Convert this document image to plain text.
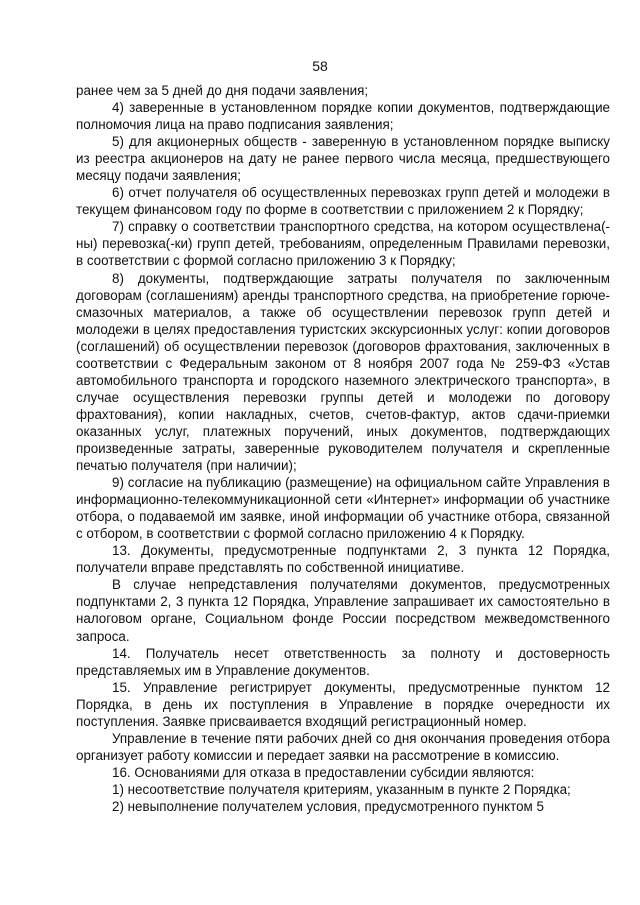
58

ранее чем за 5 дней до дня подачи заявления;

4) заверенные в установленном порядке копии документов, подтверждающие полномочия лица на право подписания заявления;

5) для акционерных обществ - заверенную в установленном порядке выписку из реестра акционеров на дату не ранее первого числа месяца, предшествующего месяцу подачи заявления;

6) отчет получателя об осуществленных перевозках групп детей и молодежи в текущем финансовом году по форме в соответствии с приложением 2 к Порядку;

7) справку о соответствии транспортного средства, на котором осуществлена(-ны) перевозка(-ки) групп детей, требованиям, определенным Правилами перевозки, в соответствии с формой согласно приложению 3 к Порядку;

8) документы, подтверждающие затраты получателя по заключенным договорам (соглашениям) аренды транспортного средства, на приобретение горюче-смазочных материалов, а также об осуществлении перевозок групп детей и молодежи в целях предоставления туристских экскурсионных услуг: копии договоров (соглашений) об осуществлении перевозок (договоров фрахтования, заключенных в соответствии с Федеральным законом от 8 ноября 2007 года № 259-ФЗ «Устав автомобильного транспорта и городского наземного электрического транспорта», в случае осуществления перевозки группы детей и молодежи по договору фрахтования), копии накладных, счетов, счетов-фактур, актов сдачи-приемки оказанных услуг, платежных поручений, иных документов, подтверждающих произведенные затраты, заверенные руководителем получателя и скрепленные печатью получателя (при наличии);

9) согласие на публикацию (размещение) на официальном сайте Управления в информационно-телекоммуникационной сети «Интернет» информации об участнике отбора, о подаваемой им заявке, иной информации об участнике отбора, связанной с отбором, в соответствии с формой согласно приложению 4 к Порядку.

13. Документы, предусмотренные подпунктами 2, 3 пункта 12 Порядка, получатели вправе представлять по собственной инициативе.

В случае непредставления получателями документов, предусмотренных подпунктами 2, 3 пункта 12 Порядка, Управление запрашивает их самостоятельно в налоговом органе, Социальном фонде России посредством межведомственного запроса.

14. Получатель несет ответственность за полноту и достоверность представляемых им в Управление документов.

15. Управление регистрирует документы, предусмотренные пунктом 12 Порядка, в день их поступления в Управление в порядке очередности их поступления. Заявке присваивается входящий регистрационный номер.

Управление в течение пяти рабочих дней со дня окончания проведения отбора организует работу комиссии и передает заявки на рассмотрение в комиссию.

16. Основаниями для отказа в предоставлении субсидии являются:

1) несоответствие получателя критериям, указанным в пункте 2 Порядка;

2) невыполнение получателем условия, предусмотренного пунктом 5
